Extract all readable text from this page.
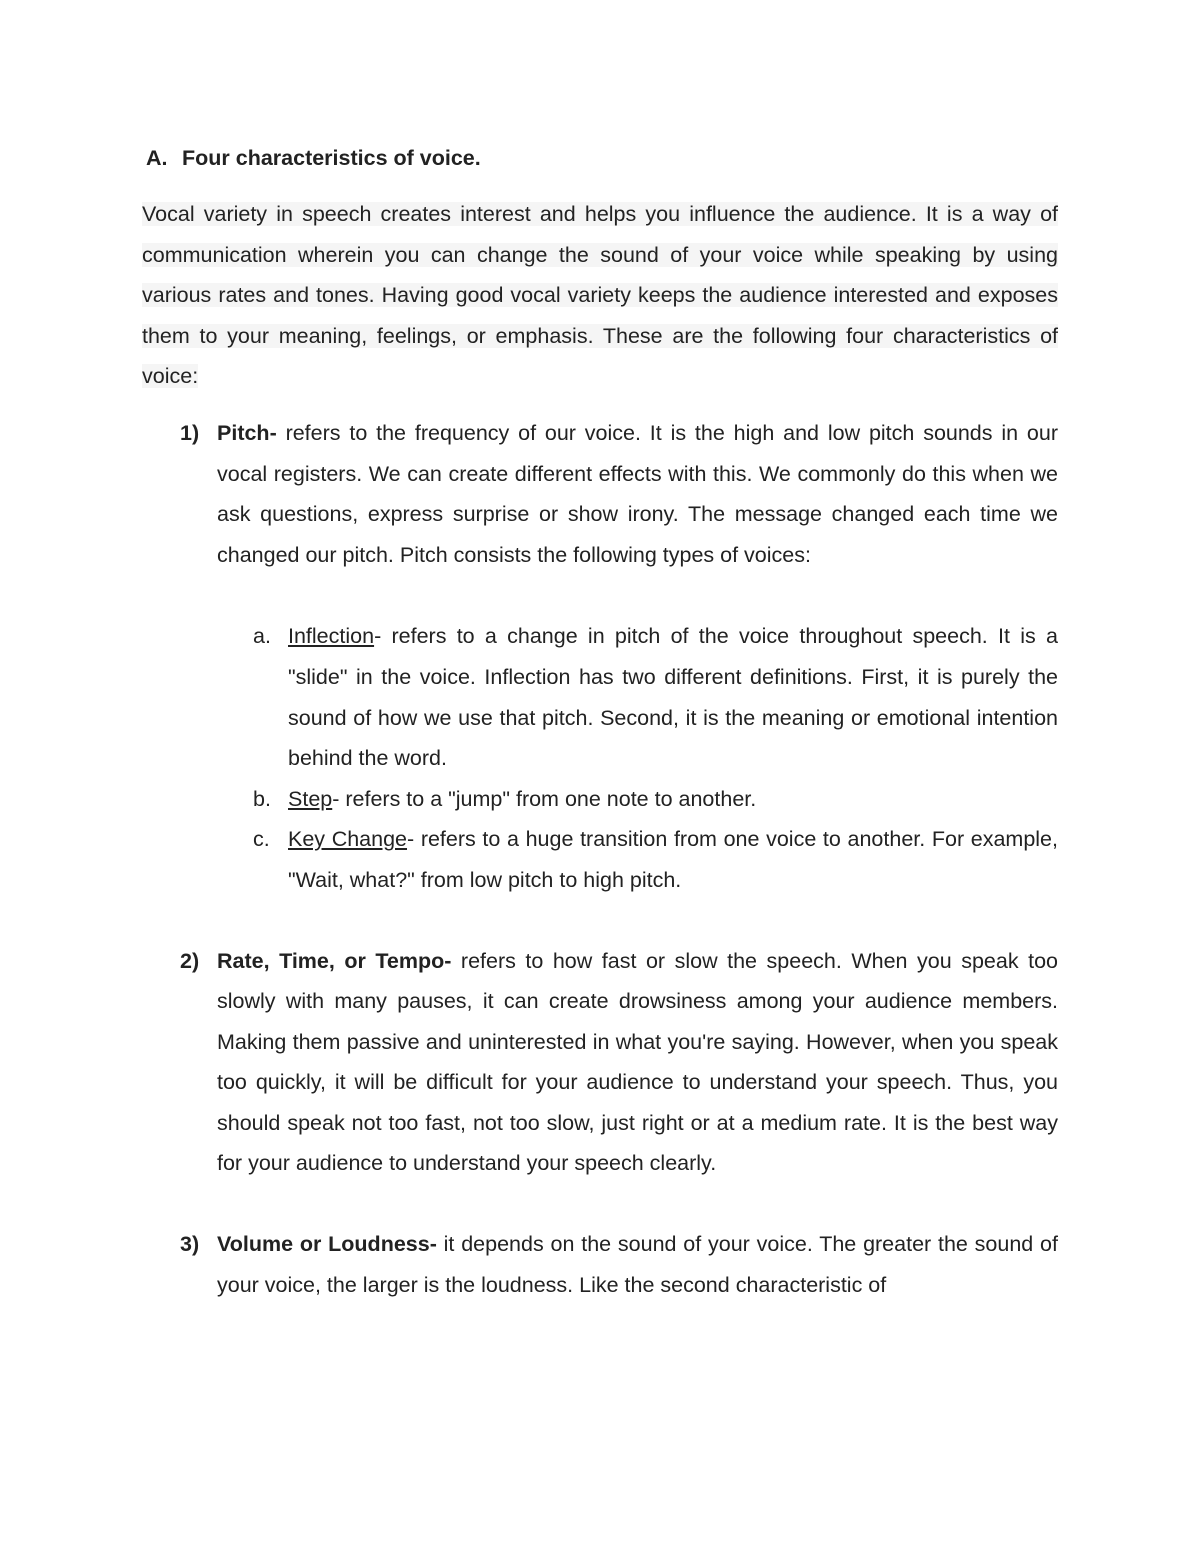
A. Four characteristics of voice.

Vocal variety in speech creates interest and helps you influence the audience. It is a way of communication wherein you can change the sound of your voice while speaking by using various rates and tones. Having good vocal variety keeps the audience interested and exposes them to your meaning, feelings, or emphasis. These are the following four characteristics of voice:

1) Pitch- refers to the frequency of our voice. It is the high and low pitch sounds in our vocal registers. We can create different effects with this. We commonly do this when we ask questions, express surprise or show irony. The message changed each time we changed our pitch. Pitch consists the following types of voices:
a. Inflection- refers to a change in pitch of the voice throughout speech. It is a "slide" in the voice. Inflection has two different definitions. First, it is purely the sound of how we use that pitch. Second, it is the meaning or emotional intention behind the word.
b. Step- refers to a "jump" from one note to another.
c. Key Change- refers to a huge transition from one voice to another. For example, "Wait, what?" from low pitch to high pitch.
2) Rate, Time, or Tempo- refers to how fast or slow the speech. When you speak too slowly with many pauses, it can create drowsiness among your audience members. Making them passive and uninterested in what you're saying. However, when you speak too quickly, it will be difficult for your audience to understand your speech. Thus, you should speak not too fast, not too slow, just right or at a medium rate. It is the best way for your audience to understand your speech clearly.
3) Volume or Loudness- it depends on the sound of your voice. The greater the sound of your voice, the larger is the loudness. Like the second characteristic of
